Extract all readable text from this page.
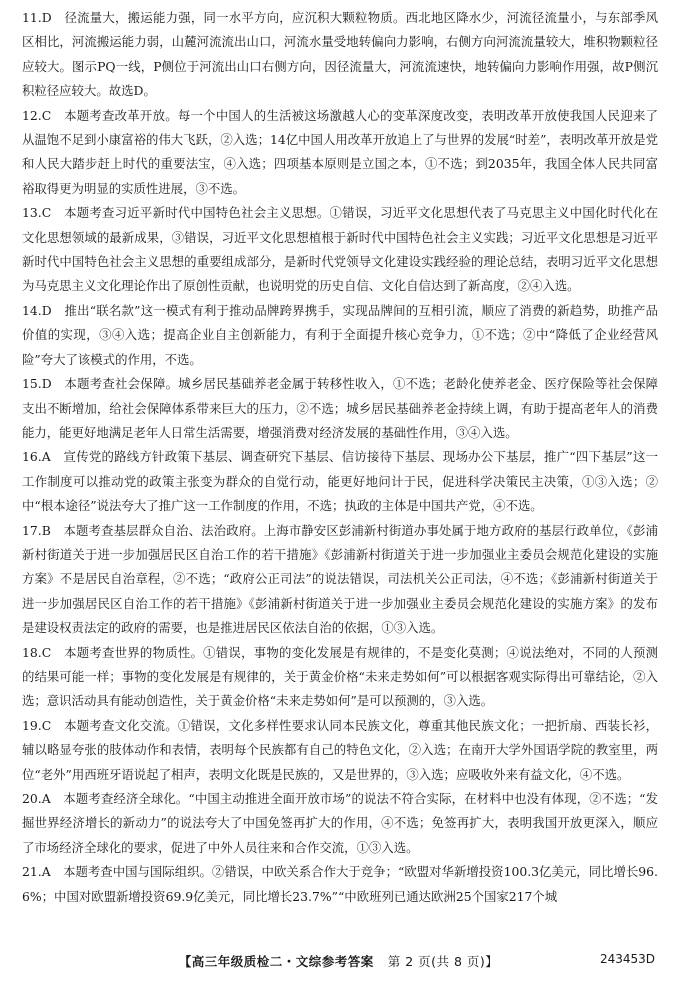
11.D　径流量大，搬运能力强，同一水平方向，应沉积大颗粒物质。西北地区降水少，河流径流量小，与东部季风区相比，河流搬运能力弱，山麓河流流出山口，河流水量受地转偏向力影响，右侧方向河流流量较大，堆积物颗粒径应较大。图示PQ一线，P侧位于河流出山口右侧方向，因径流量大，河流流速快，地转偏向力影响作用强，故P侧沉积粒径应较大。故选D。

12.C　本题考查改革开放。每一个中国人的生活被这场激越人心的变革深度改变，表明改革开放使我国人民迎来了从温饱不足到小康富裕的伟大飞跃，②入选；14亿中国人用改革开放追上了与世界的发展“时差”，表明改革开放是党和人民大踏步赶上时代的重要法宝，④入选；四项基本原则是立国之本，①不选；到2035年，我国全体人民共同富裕取得更为明显的实质性进展，③不选。

13.C　本题考查习近平新时代中国特色社会主义思想。①错误，习近平文化思想代表了马克思主义中国化时代化在文化思想领域的最新成果，③错误，习近平文化思想植根于新时代中国特色社会主义实践；习近平文化思想是习近平新时代中国特色社会主义思想的重要组成部分，是新时代党领导文化建设实践经验的理论总结，表明习近平文化思想为马克思主义文化理论作出了原创性贡献，也说明党的历史自信、文化自信达到了新高度，②④入选。

14.D　推出“联名款”这一模式有利于推动品牌跨界携手，实现品牌间的互相引流，顺应了消费的新趋势，助推产品价值的实现，③④入选；提高企业自主创新能力，有利于全面提升核心竞争力，①不选；②中“降低了企业经营风险”夸大了该模式的作用，不选。

15.D　本题考查社会保障。城乡居民基础养老金属于转移性收入，①不选；老龄化使养老金、医疗保险等社会保障支出不断增加，给社会保障体系带来巨大的压力，②不选；城乡居民基础养老金持续上调，有助于提高老年人的消费能力，能更好地满足老年人日常生活需要，增强消费对经济发展的基础性作用，③④入选。

16.A　宣传党的路线方针政策下基层、调查研究下基层、信访接待下基层、现场办公下基层，推广“四下基层”这一工作制度可以推动党的政策主张变为群众的自觉行动，能更好地问计于民，促进科学决策民主决策，①③入选；②中“根本途径”说法夸大了推广这一工作制度的作用，不选；执政的主体是中国共产党，④不选。

17.B　本题考查基层群众自治、法治政府。上海市静安区彭浦新村街道办事处属于地方政府的基层行政单位，《彭浦新村街道关于进一步加强居民区自治工作的若干措施》《彭浦新村街道关于进一步加强业主委员会规范化建设的实施方案》不是居民自治章程，②不选；“政府公正司法”的说法错误，司法机关公正司法，④不选；《彭浦新村街道关于进一步加强居民区自治工作的若干措施》《彭浦新村街道关于进一步加强业主委员会规范化建设的实施方案》的发布是建设权责法定的政府的需要，也是推进居民区依法自治的依据，①③入选。

18.C　本题考查世界的物质性。①错误，事物的变化发展是有规律的，不是变化莫测；④说法绝对，不同的人预测的结果可能一样；事物的变化发展是有规律的，关于黄金价格“未来走势如何”可以根据客观实际得出可靠结论，②入选；意识活动具有能动创造性，关于黄金价格“未来走势如何”是可以预测的，③入选。

19.C　本题考查文化交流。①错误，文化多样性要求认同本民族文化，尊重其他民族文化；一把折扇、西装长衫，辅以略显夸张的肢体动作和表情，表明每个民族都有自己的特色文化，②入选；在南开大学外国语学院的教室里，两位“老外”用西班牙语说起了相声，表明文化既是民族的，又是世界的，③入选；应吸收外来有益文化，④不选。

20.A　本题考查经济全球化。“中国主动推进全面开放市场”的说法不符合实际，在材料中也没有体现，②不选；“发掘世界经济增长的新动力”的说法夸大了中国免签再扩大的作用，④不选；免签再扩大，表明我国开放更深入，顺应了市场经济全球化的要求，促进了中外人员往来和合作交流，①③入选。

21.A　本题考查中国与国际组织。②错误，中欧关系合作大于竞争；“欧盟对华新增投资100.3亿美元，同比增长96.6%；中国对欧盟新增投资69.9亿美元，同比增长23.7%”“中欧班列已通达欧洲25个国家217个城

【高三年级质检二・文综参考答案 第 2 页(共 8 页)】	243453D
